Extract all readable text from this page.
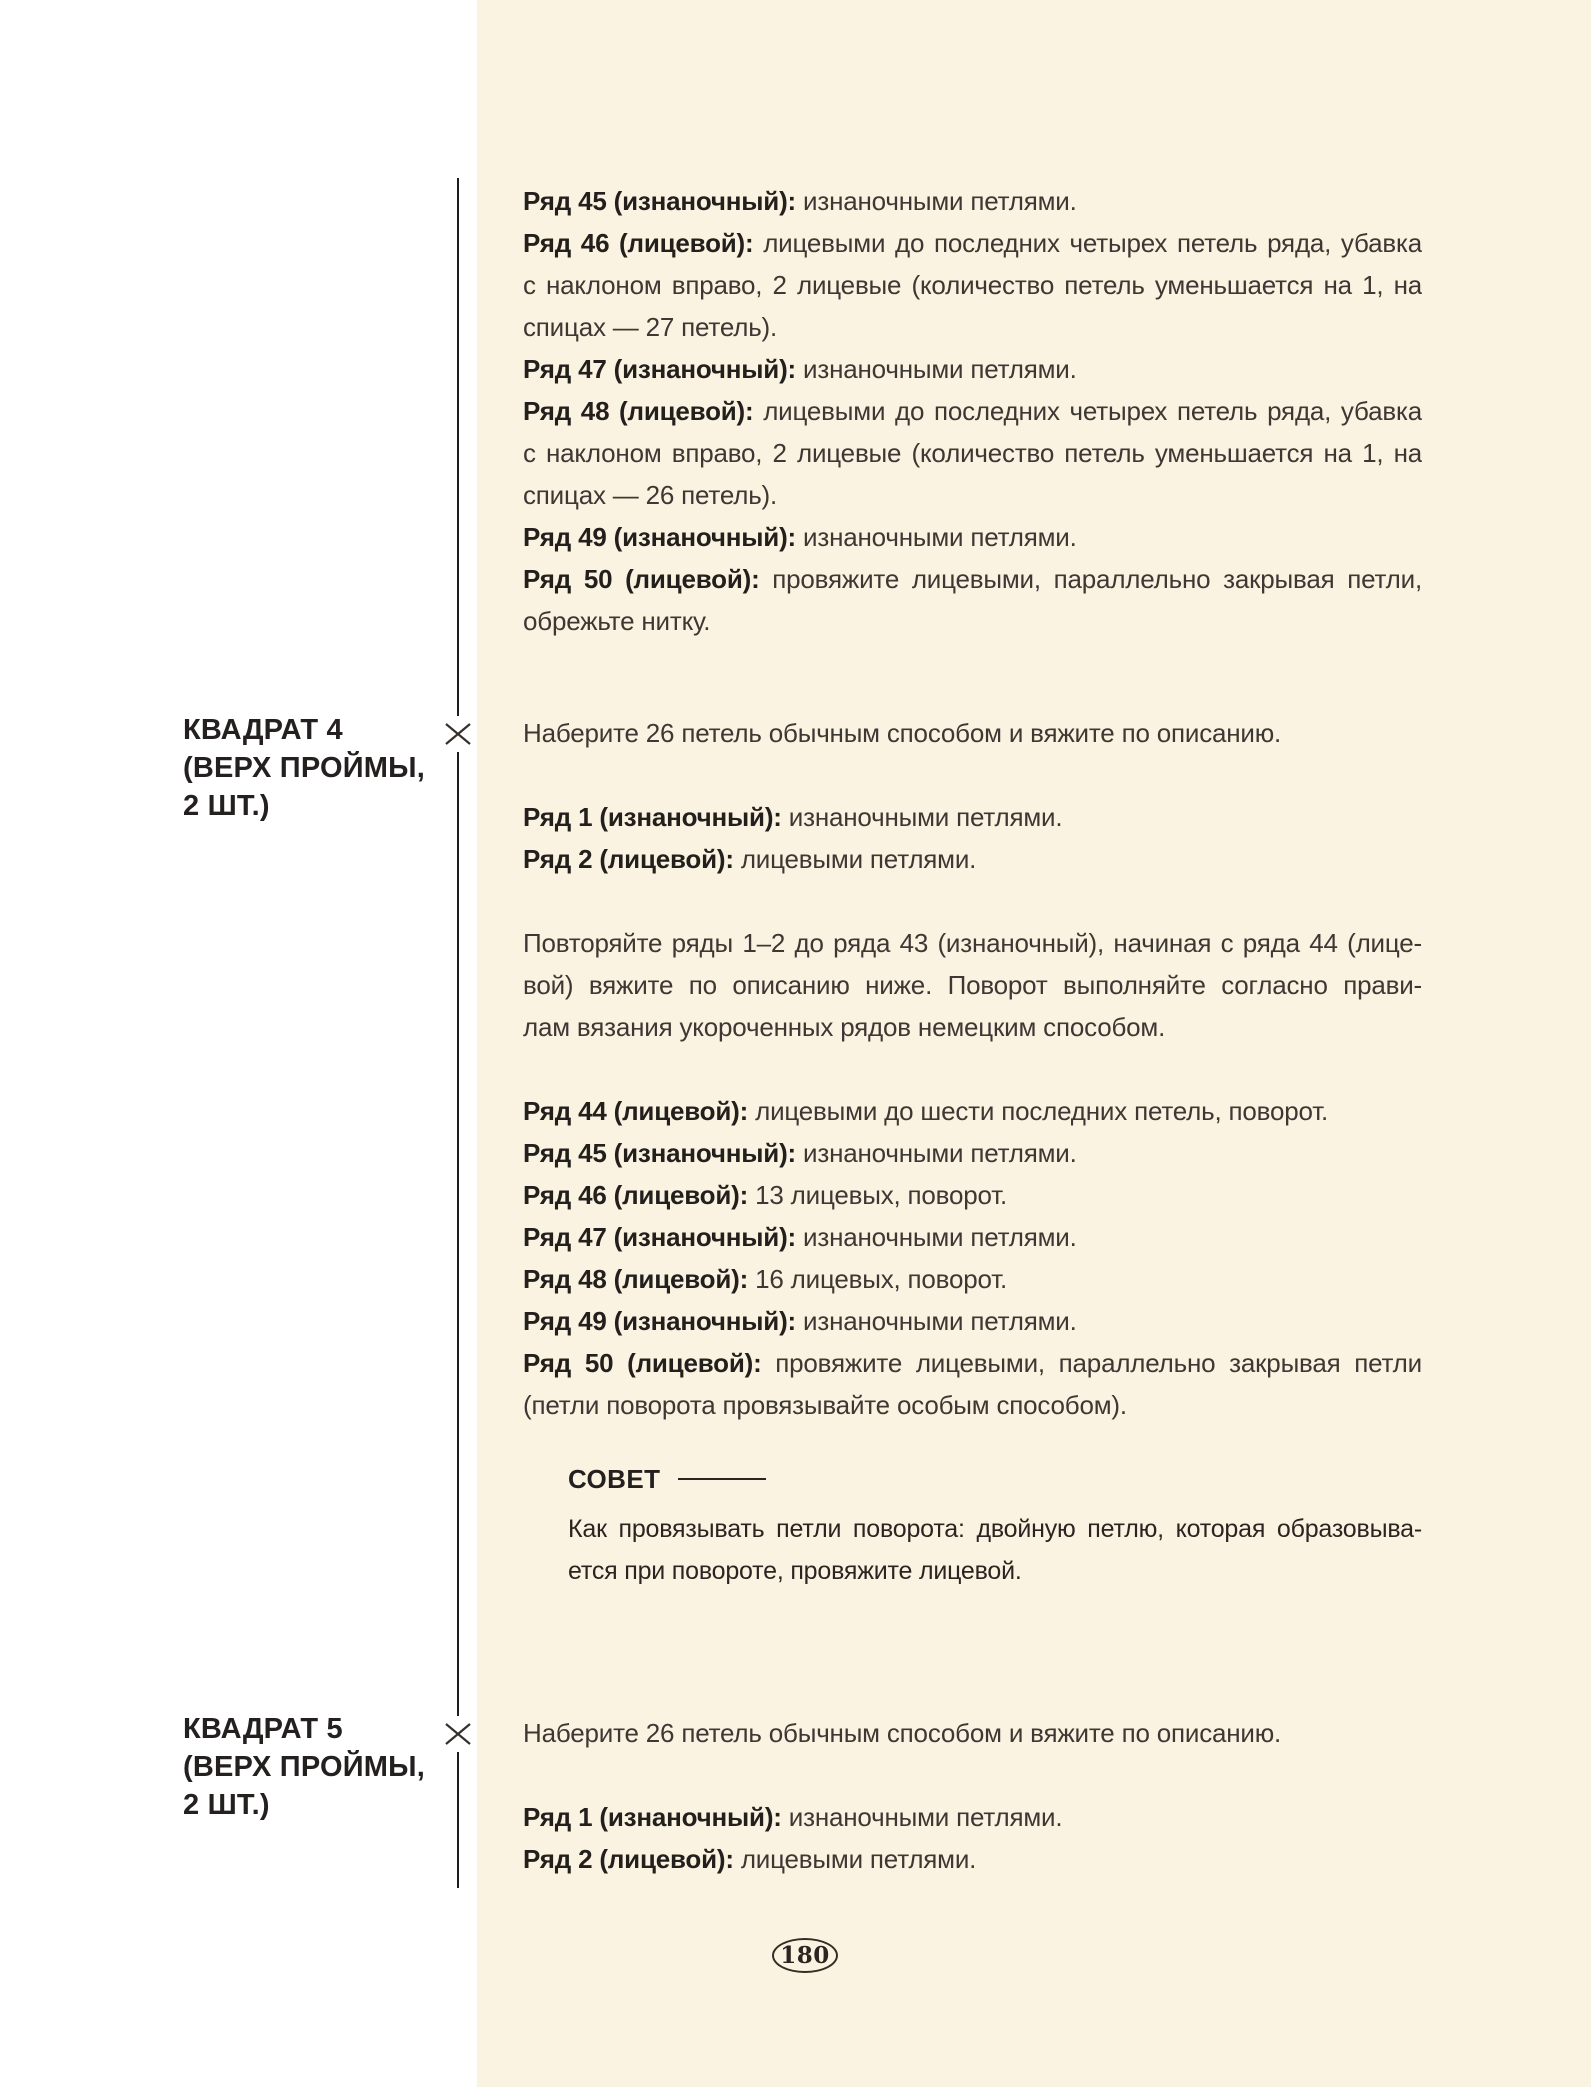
КВАДРАТ 4
(ВЕРХ ПРОЙМЫ,
2 ШТ.)
КВАДРАТ 5
(ВЕРХ ПРОЙМЫ,
2 ШТ.)
Ряд 45 (изнаночный): изнаночными петлями.
Ряд 46 (лицевой): лицевыми до последних четырех петель ряда, убавка
с наклоном вправо, 2 лицевые (количество петель уменьшается на 1, на
спицах — 27 петель).
Ряд 47 (изнаночный): изнаночными петлями.
Ряд 48 (лицевой): лицевыми до последних четырех петель ряда, убавка
с наклоном вправо, 2 лицевые (количество петель уменьшается на 1, на
спицах — 26 петель).
Ряд 49 (изнаночный): изнаночными петлями.
Ряд 50 (лицевой): провяжите лицевыми, параллельно закрывая петли,
обрежьте нитку.
Наберите 26 петель обычным способом и вяжите по описанию.
Ряд 1 (изнаночный): изнаночными петлями.
Ряд 2 (лицевой): лицевыми петлями.
Повторяйте ряды 1–2 до ряда 43 (изнаночный), начиная с ряда 44 (лице-
вой) вяжите по описанию ниже. Поворот выполняйте согласно прави-
лам вязания укороченных рядов немецким способом.
Ряд 44 (лицевой): лицевыми до шести последних петель, поворот.
Ряд 45 (изнаночный): изнаночными петлями.
Ряд 46 (лицевой): 13 лицевых, поворот.
Ряд 47 (изнаночный): изнаночными петлями.
Ряд 48 (лицевой): 16 лицевых, поворот.
Ряд 49 (изнаночный): изнаночными петлями.
Ряд 50 (лицевой): провяжите лицевыми, параллельно закрывая петли
(петли поворота провязывайте особым способом).
СОВЕТ
Как провязывать петли поворота: двойную петлю, которая образовыва-
ется при повороте, провяжите лицевой.
Наберите 26 петель обычным способом и вяжите по описанию.
Ряд 1 (изнаночный): изнаночными петлями.
Ряд 2 (лицевой): лицевыми петлями.
180
